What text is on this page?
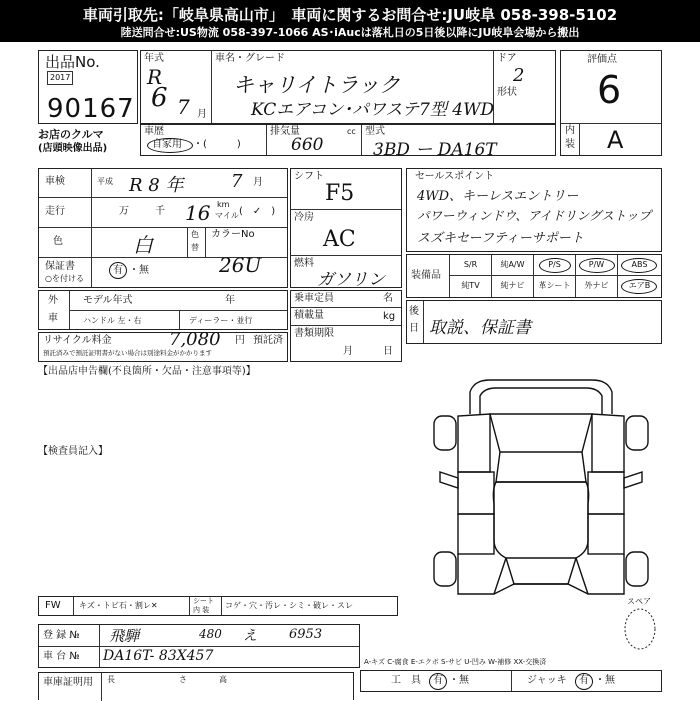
車両引取先:「岐阜県高山市」　車両に関するお問合せ:JU岐阜 058-398-5102
陸送問合せ:US物流 058-397-1066 AS･iAucは落札日の5日後以降にJU岐阜会場から搬出
出品No.
2017
90167
お店のクルマ
(店頭映像出品)
年式
R
6 7 月
車名・グレード
キャリイトラック
KCエアコン･パワステ7型 4WD
ドア
2
形状
評価点
6
内
装 A
車歴
自家用 ・(　　　)
排気量	cc
660
型式
3BD ー DA16T
車検	平成 R 8 年	7 月
走行	万	千 16 km
マイル (　✓　)
色	白	色
替
カラーNo
26U
保証書
○を付ける
有 ・無
外
車
モデル年式	年
ハンドル 左・右	ディーラー・並行
リサイクル料金	7,080 円 預託済
預託済みで預託証明書がない場合は別途料金がかかります
シフト
F5
冷房
AC
燃料
ガソリン
乗車定員	名
積載量	kg
書類期限
月	日
セールスポイント
4WD、キーレスエントリー
パワーウィンドウ、アイドリングストップ
スズキセーフティーサポート
装備品
S/R	純A/W	P/S	P/W	ABS
純TV	純ナビ	革シート	外ナビ	エアB
後
日 取説、保証書
【出品店申告欄(不良箇所・欠品・注意事項等)】
【検査員記入】
スペア
FW キズ・トビ石・割レ✕	シート
内 装 コゲ・穴・汚レ・シミ・破レ・スレ
登 録 № 飛騨	480 え 6953
車 台 № DA16T- 83X457	A-キズ C-腐食 E-エクボ S-サビ U-凹み W-補修 XX-交換済
工　具 有 ・無	ジャッキ 有 ・無
車庫証明用 長　　　　　　　　さ　　　　高
